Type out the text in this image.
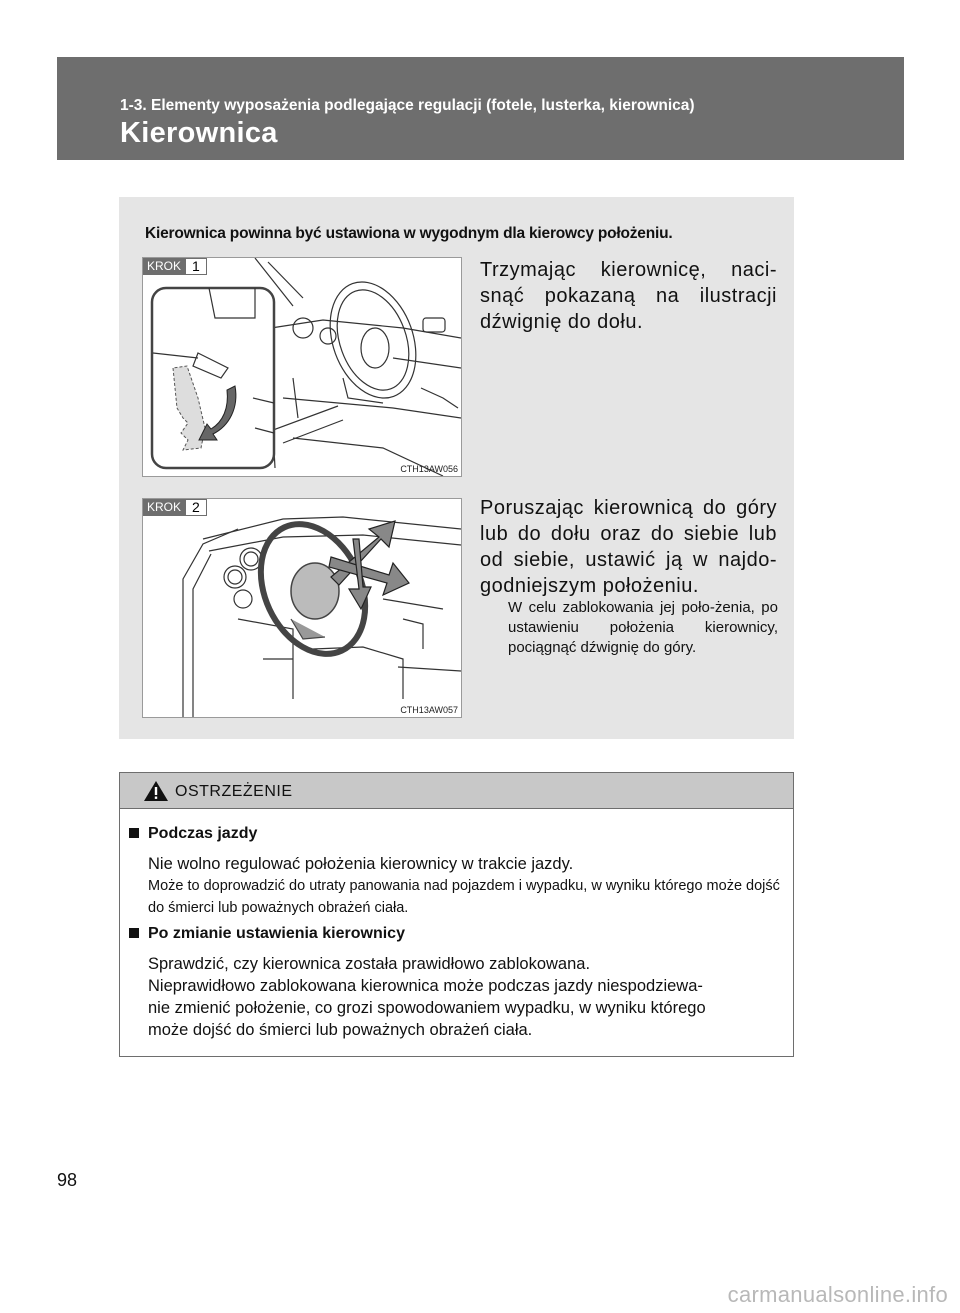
1-3. Elementy wyposażenia podlegające regulacji (fotele, lusterka, kierownica)
Kierownica
Kierownica powinna być ustawiona w wygodnym dla kierowcy położeniu.
KROK 1
CTH13AW056
Trzymając kierownicę, naci-snąć pokazaną na ilustracji dźwignię do dołu.
KROK 2
CTH13AW057
Poruszając kierownicą do góry lub do dołu oraz do siebie lub od siebie, ustawić ją w najdo-godniejszym położeniu.
W celu zablokowania jej poło-żenia, po ustawieniu położenia kierownicy, pociągnąć dźwignię do góry.
OSTRZEŻENIE
Podczas jazdy
Nie wolno regulować położenia kierownicy w trakcie jazdy.
Może to doprowadzić do utraty panowania nad pojazdem i wypadku, w wyniku którego może dojść do śmierci lub poważnych obrażeń ciała.
Po zmianie ustawienia kierownicy
Sprawdzić, czy kierownica została prawidłowo zablokowana.
Nieprawidłowo zablokowana kierownica może podczas jazdy niespodziewa-
nie zmienić położenie, co grozi spowodowaniem wypadku, w wyniku którego
może dojść do śmierci lub poważnych obrażeń ciała.
98
carmanualsonline.info
